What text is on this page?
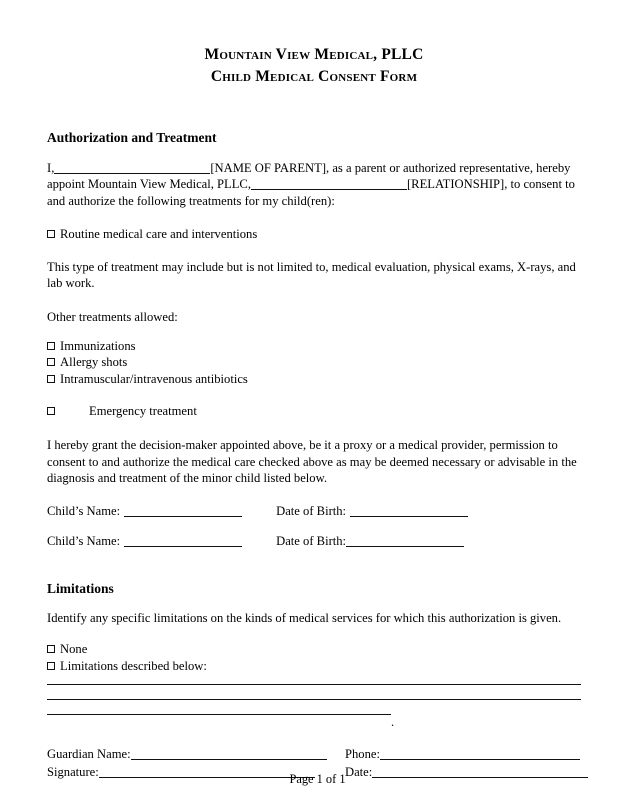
Mountain View Medical, PLLC
Child Medical Consent Form
Authorization and Treatment

I,	[NAME OF PARENT], as a parent or authorized representative, hereby appoint Mountain View Medical, PLLC,	[RELATIONSHIP], to consent to and authorize the following treatments for my child(ren):

Routine medical care and interventions

This type of treatment may include but is not limited to, medical evaluation, physical exams, X-rays, and lab work.

Other treatments allowed:

Immunizations
Allergy shots
Intramuscular/intravenous antibiotics
Emergency treatment

I hereby grant the decision-maker appointed above, be it a proxy or a medical provider, permission to consent to and authorize the medical care checked above as may be deemed necessary or advisable in the diagnosis and treatment of the minor child listed below.

Child’s Name:	Date of Birth:
Child’s Name:	Date of Birth:
Limitations

Identify any specific limitations on the kinds of medical services for which this authorization is given.

None
Limitations described below:
.
Guardian Name:	Phone:
Signature:	Date:
Page 1 of 1
